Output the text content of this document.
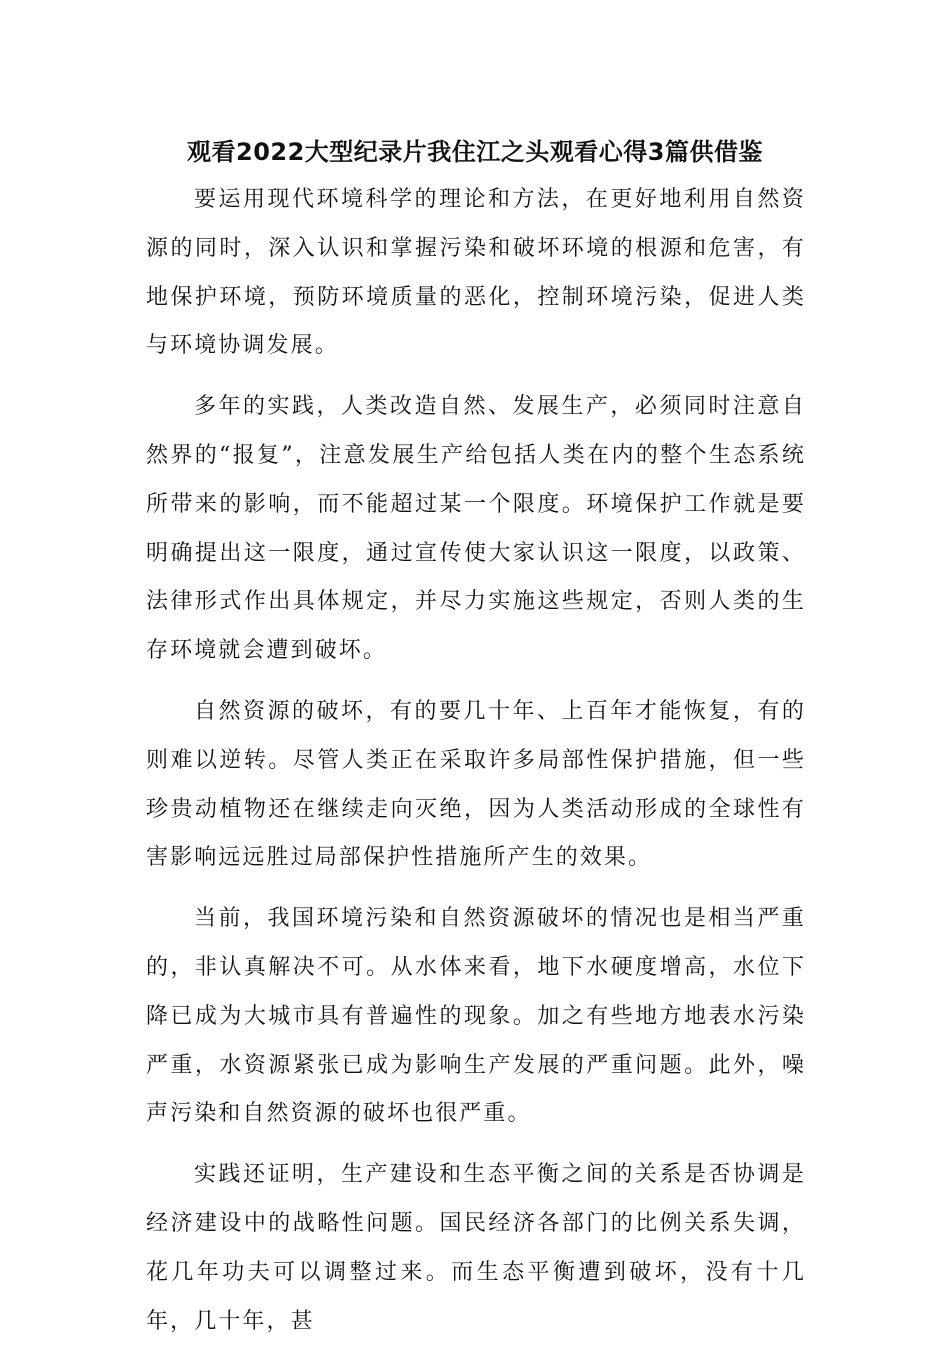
观看2022大型纪录片我住江之头观看心得3篇供借鉴

要运用现代环境科学的理论和方法，在更好地利用自然资源的同时，深入认识和掌握污染和破坏环境的根源和危害，有地保护环境，预防环境质量的恶化，控制环境污染，促进人类与环境协调发展。

多年的实践，人类改造自然、发展生产，必须同时注意自然界的“报复”，注意发展生产给包括人类在内的整个生态系统所带来的影响，而不能超过某一个限度。环境保护工作就是要明确提出这一限度，通过宣传使大家认识这一限度，以政策、法律形式作出具体规定，并尽力实施这些规定，否则人类的生存环境就会遭到破坏。

自然资源的破坏，有的要几十年、上百年才能恢复，有的则难以逆转。尽管人类正在采取许多局部性保护措施，但一些珍贵动植物还在继续走向灭绝，因为人类活动形成的全球性有害影响远远胜过局部保护性措施所产生的效果。

当前，我国环境污染和自然资源破坏的情况也是相当严重的，非认真解决不可。从水体来看，地下水硬度增高，水位下降已成为大城市具有普遍性的现象。加之有些地方地表水污染严重，水资源紧张已成为影响生产发展的严重问题。此外，噪声污染和自然资源的破坏也很严重。

实践还证明，生产建设和生态平衡之间的关系是否协调是经济建设中的战略性问题。国民经济各部门的比例关系失调，花几年功夫可以调整过来。而生态平衡遭到破坏，没有十几年，几十年，甚
